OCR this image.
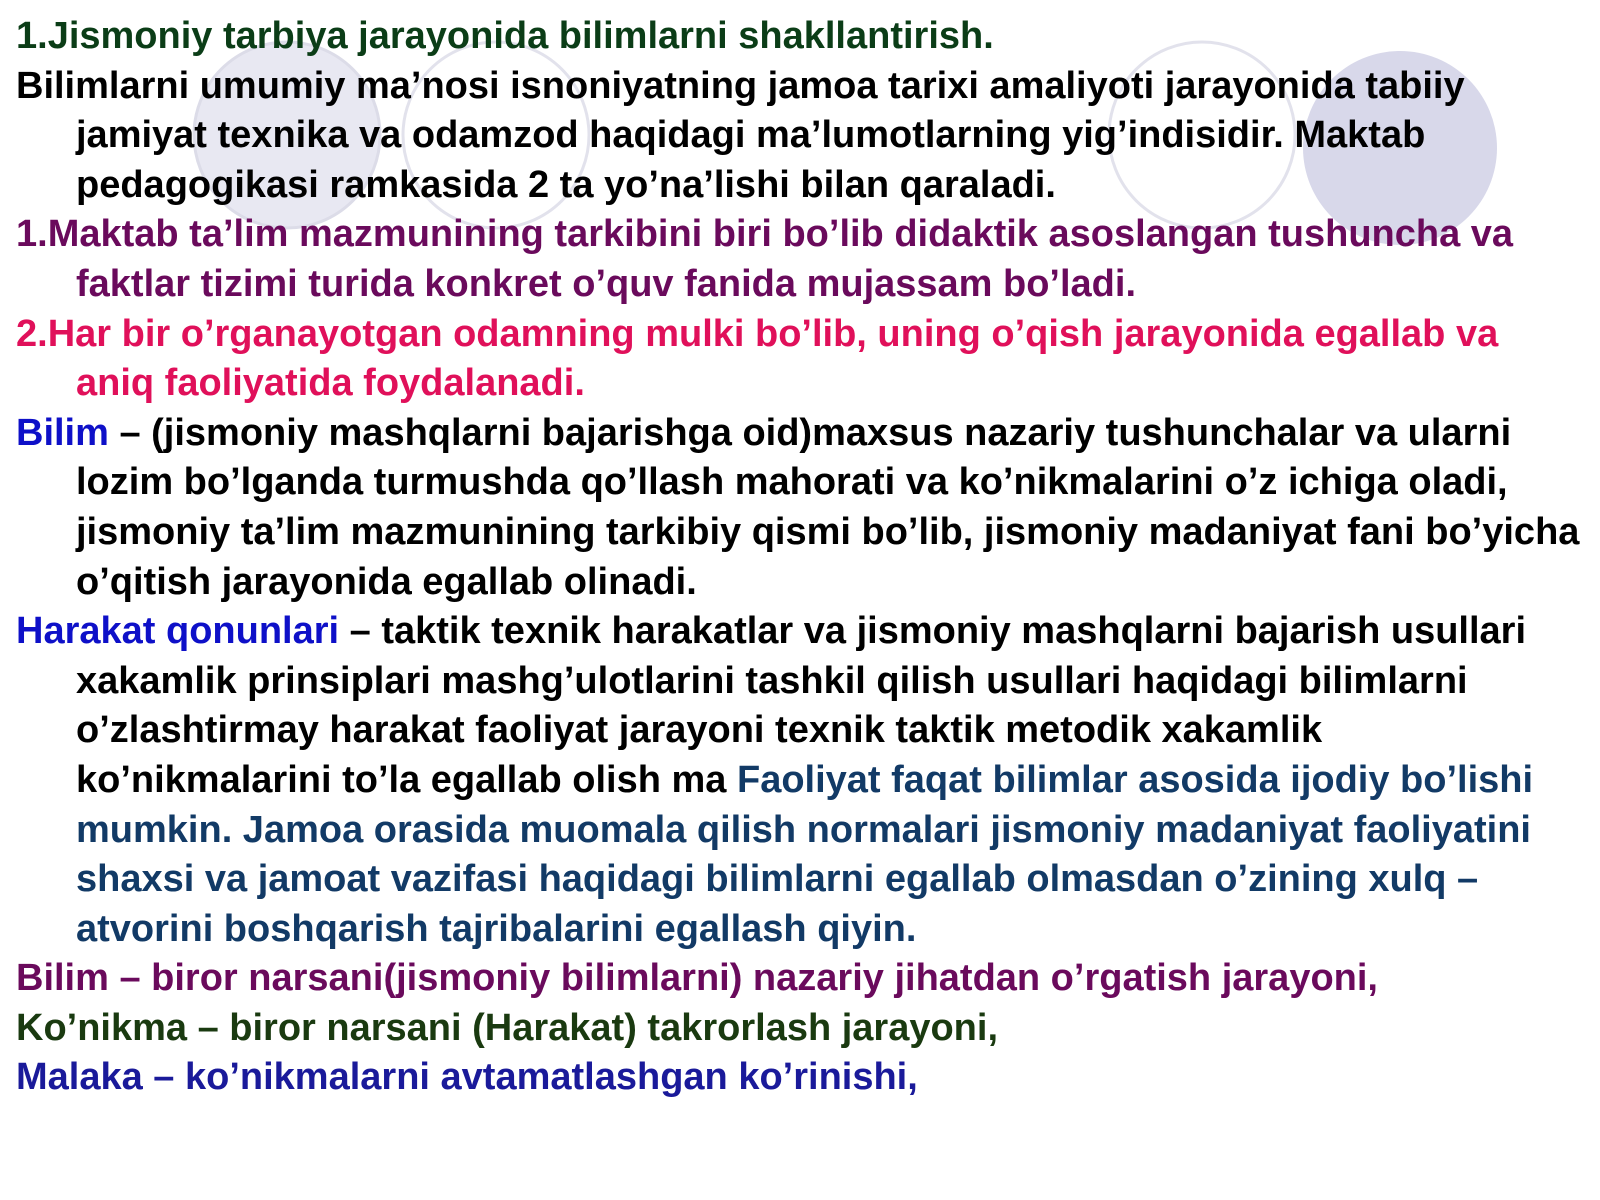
1.Jismoniy tarbiya jarayonida bilimlarni shakllantirish.

Bilimlarni umumiy ma’nosi isnoniyatning jamoa tarixi amaliyoti jarayonida tabiiy jamiyat texnika va odamzod haqidagi ma’lumotlarning yig’indisidir. Maktab pedagogikasi ramkasida 2 ta yo’na’lishi bilan qaraladi.

1.Maktab ta’lim mazmunining tarkibini biri bo’lib didaktik asoslangan tushuncha va faktlar tizimi turida konkret o’quv fanida mujassam bo’ladi.

2.Har bir o’rganayotgan odamning mulki bo’lib, uning o’qish jarayonida egallab va aniq faoliyatida foydalanadi.

Bilim – (jismoniy mashqlarni bajarishga oid)maxsus nazariy tushunchalar va ularni lozim bo’lganda turmushda qo’llash mahorati va ko’nikmalarini o’z ichiga oladi, jismoniy ta’lim mazmunining tarkibiy qismi bo’lib, jismoniy madaniyat fani bo’yicha o’qitish jarayonida egallab olinadi.

Harakat qonunlari – taktik texnik harakatlar va jismoniy mashqlarni bajarish usullari xakamlik prinsiplari mashg’ulotlarini tashkil qilish usullari haqidagi bilimlarni o’zlashtirmay harakat faoliyat jarayoni texnik taktik metodik xakamlik ko’nikmalarini to’la egallab olish ma Faoliyat faqat bilimlar asosida ijodiy bo’lishi mumkin. Jamoa orasida muomala qilish normalari jismoniy madaniyat faoliyatini shaxsi va jamoat vazifasi haqidagi bilimlarni egallab olmasdan o’zining xulq – atvorini boshqarish tajribalarini egallash qiyin.

Bilim – biror narsani(jismoniy bilimlarni) nazariy jihatdan o’rgatish jarayoni,

Ko’nikma – biror narsani (Harakat) takrorlash jarayoni,

Malaka – ko’nikmalarni avtamatlashgan ko’rinishi,
